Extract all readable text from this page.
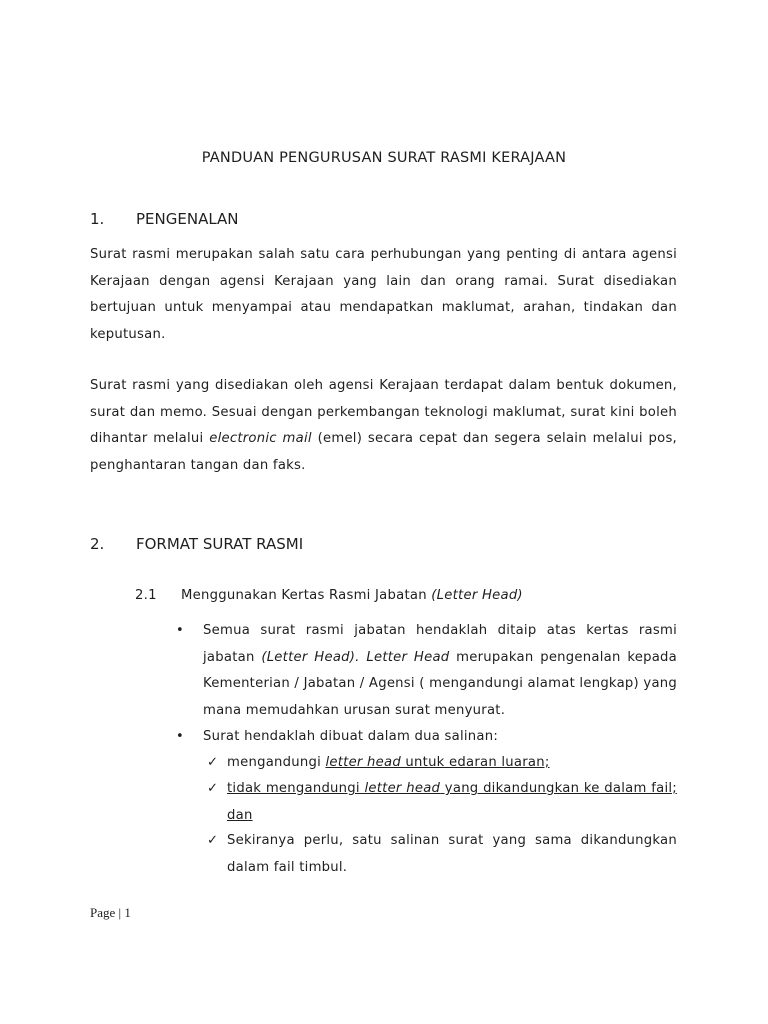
PANDUAN PENGURUSAN SURAT RASMI KERAJAAN
1. PENGENALAN

Surat rasmi merupakan salah satu cara perhubungan yang penting di antara agensi Kerajaan dengan agensi Kerajaan yang lain dan orang ramai. Surat disediakan bertujuan untuk menyampai atau mendapatkan maklumat, arahan, tindakan dan keputusan.

Surat rasmi yang disediakan oleh agensi Kerajaan terdapat dalam bentuk dokumen, surat dan memo. Sesuai dengan perkembangan teknologi maklumat, surat kini boleh dihantar melalui electronic mail (emel) secara cepat dan segera selain melalui pos, penghantaran tangan dan faks.

2. FORMAT SURAT RASMI
2.1 Menggunakan Kertas Rasmi Jabatan (Letter Head)
• Semua surat rasmi jabatan hendaklah ditaip atas kertas rasmi jabatan (Letter Head). Letter Head merupakan pengenalan kepada Kementerian / Jabatan / Agensi ( mengandungi alamat lengkap) yang mana memudahkan urusan surat menyurat.
• Surat hendaklah dibuat dalam dua salinan:
✓ mengandungi letter head untuk edaran luaran;
✓ tidak mengandungi letter head yang dikandungkan ke dalam fail; dan
✓ Sekiranya perlu, satu salinan surat yang sama dikandungkan dalam fail timbul.
Page | 1
